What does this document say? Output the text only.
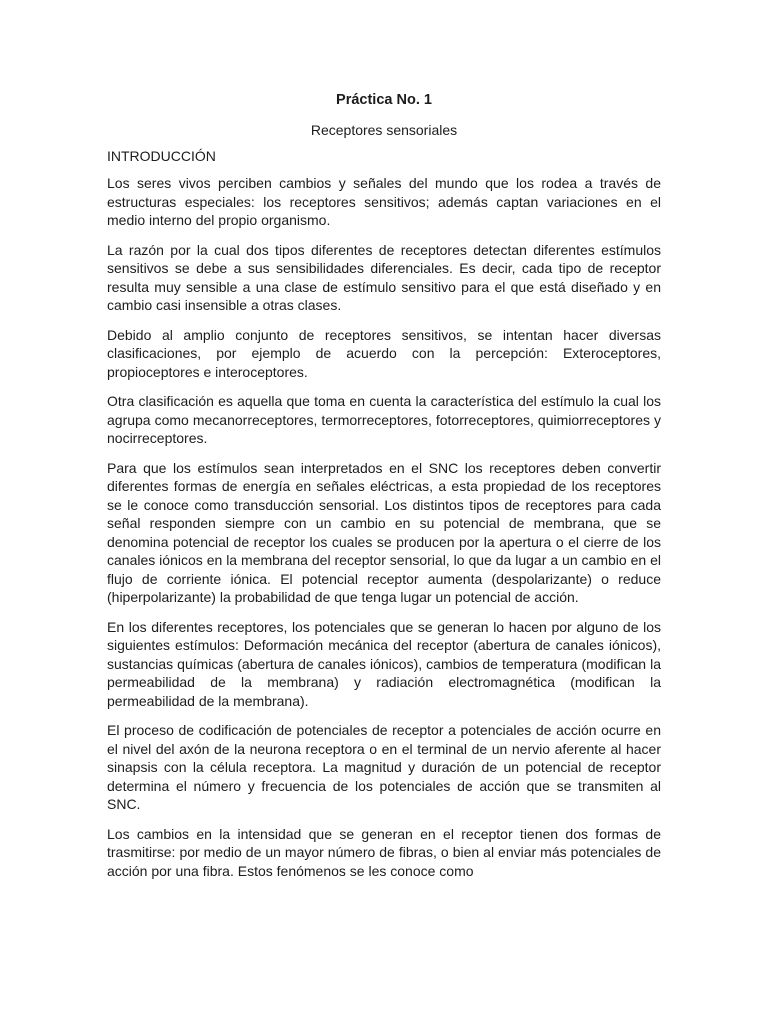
Práctica No. 1
Receptores sensoriales
INTRODUCCIÓN

Los seres vivos perciben cambios y señales del mundo que los rodea a través de estructuras especiales: los receptores sensitivos; además captan variaciones en el medio interno del propio organismo.

La razón por la cual dos tipos diferentes de receptores detectan diferentes estímulos sensitivos se debe a sus sensibilidades diferenciales. Es decir, cada tipo de receptor resulta muy sensible a una clase de estímulo sensitivo para el que está diseñado y en cambio casi insensible a otras clases.

Debido al amplio conjunto de receptores sensitivos, se intentan hacer diversas clasificaciones, por ejemplo de acuerdo con la percepción: Exteroceptores, propioceptores e interoceptores.

Otra clasificación es aquella que toma en cuenta la característica del estímulo la cual los agrupa como mecanorreceptores, termorreceptores, fotorreceptores, quimiorreceptores y nocirreceptores.

Para que los estímulos sean interpretados en el SNC los receptores deben convertir diferentes formas de energía en señales eléctricas, a esta propiedad de los receptores se le conoce como transducción sensorial. Los distintos tipos de receptores para cada señal responden siempre con un cambio en su potencial de membrana, que se denomina potencial de receptor los cuales se producen por la apertura o el cierre de los canales iónicos en la membrana del receptor sensorial, lo que da lugar a un cambio en el flujo de corriente iónica. El potencial receptor aumenta (despolarizante) o reduce (hiperpolarizante) la probabilidad de que tenga lugar un potencial de acción.

En los diferentes receptores, los potenciales que se generan lo hacen por alguno de los siguientes estímulos: Deformación mecánica del receptor (abertura de canales iónicos), sustancias químicas (abertura de canales iónicos), cambios de temperatura (modifican la permeabilidad de la membrana) y radiación electromagnética (modifican la permeabilidad de la membrana).

El proceso de codificación de potenciales de receptor a potenciales de acción ocurre en el nivel del axón de la neurona receptora o en el terminal de un nervio aferente al hacer sinapsis con la célula receptora. La magnitud y duración de un potencial de receptor determina el número y frecuencia de los potenciales de acción que se transmiten al SNC.

Los cambios en la intensidad que se generan en el receptor tienen dos formas de trasmitirse: por medio de un mayor número de fibras, o bien al enviar más potenciales de acción por una fibra. Estos fenómenos se les conoce como
